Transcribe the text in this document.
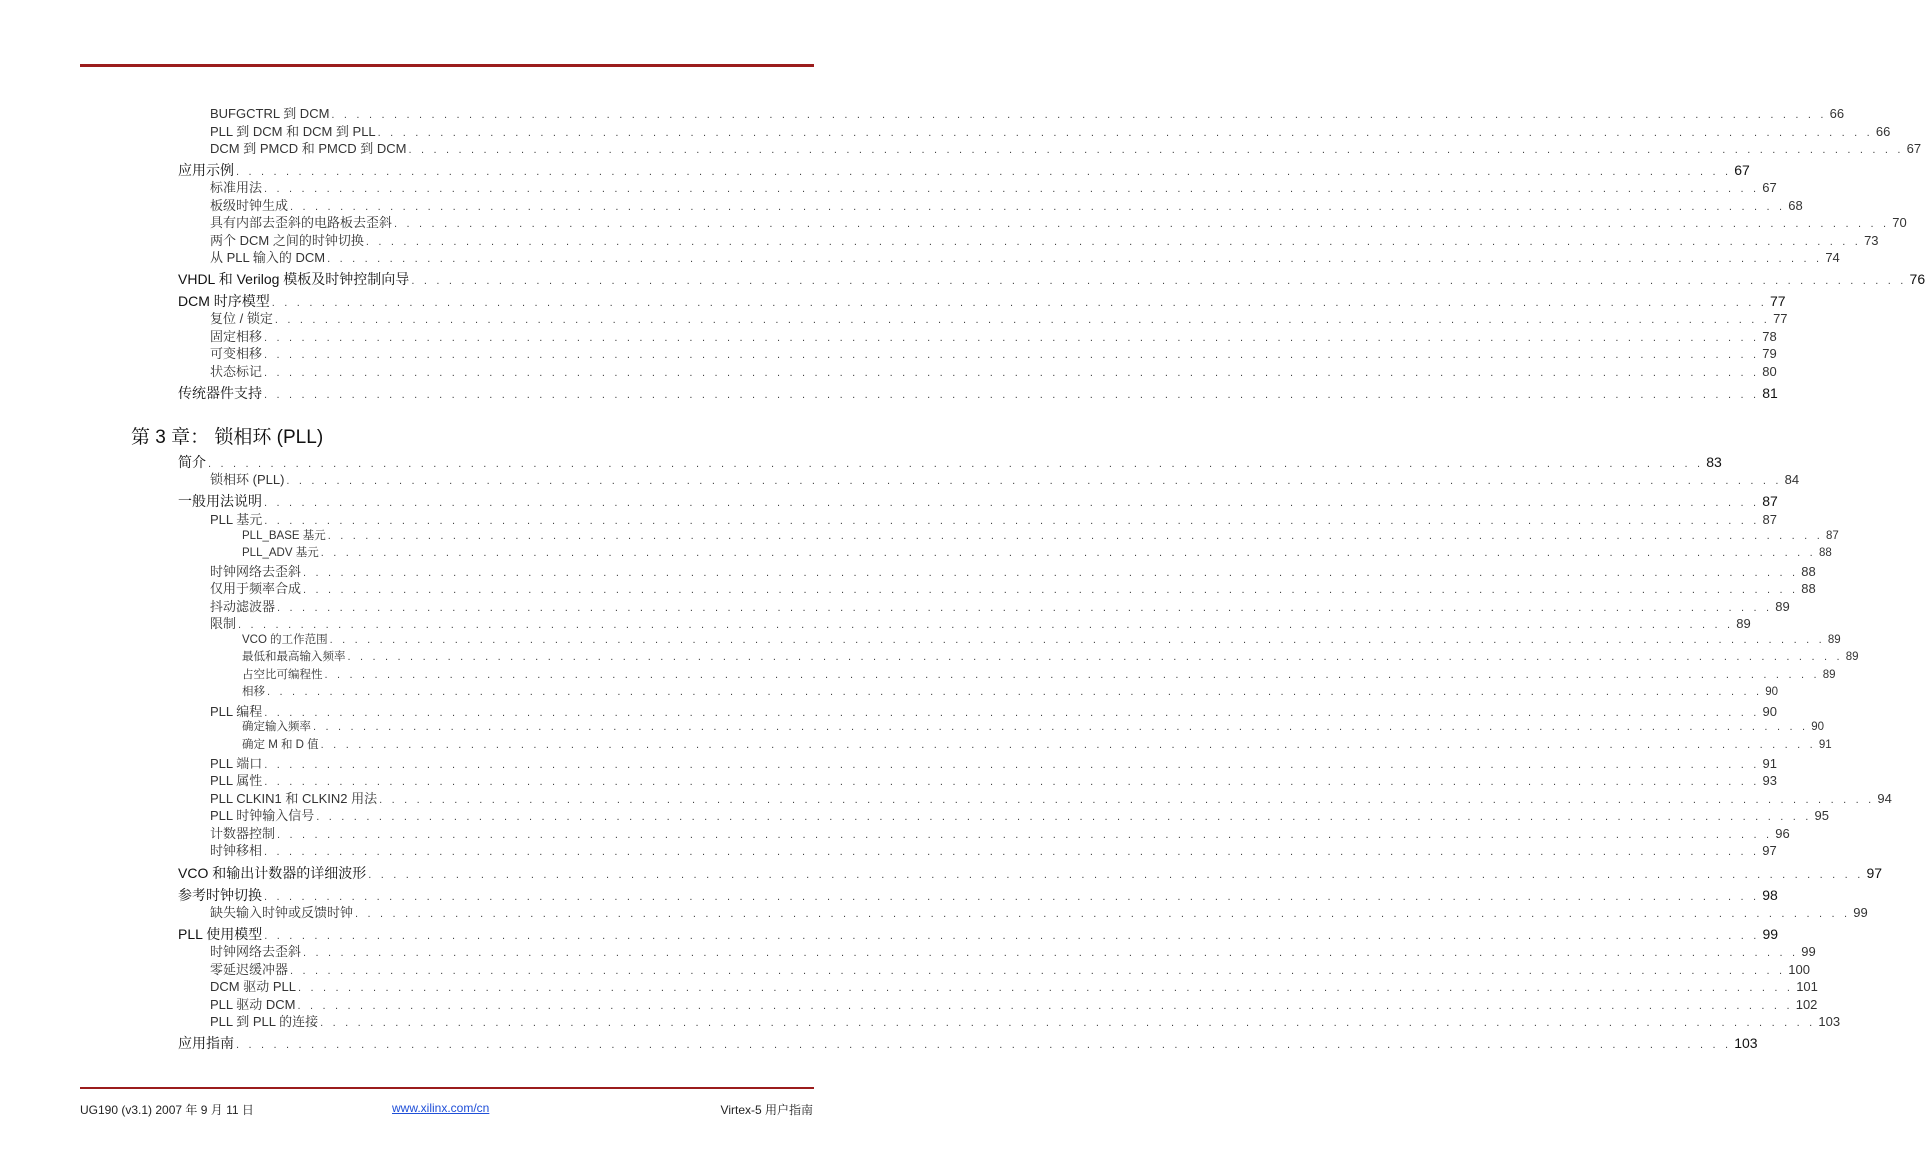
BUFGCTRL 到 DCM . . . . . . . . . . . . . . . . . . . . . . . . . . . . . . . . . . . . . . . . . . . . . . . . . . . . . . . . . . . . . . . . . . . . . . . . . . . . . . . . . . . . . . . . . . . . . . . . . . . . . . . . . . . . . . . . . . . . . . . . 66
PLL 到 DCM 和 DCM 到 PLL . . . . . . . . . . . . . . . . . . . . . . . . . . . . . . . . . . . . . . . . . . . . . . . . . . . . . . . . . . . . . . . . . . . . . . . . . . . . . . . . . . . . . . . . . . . . . . . . . . . . . . . . . . . . . . . . . . . . . . . . 66
DCM 到 PMCD 和 PMCD 到 DCM . . . . . . . . . . . . . . . . . . . . . . . . . . . . . . . . . . . . . . . . . . . . . . . . . . . . . . . . . . . . . . . . . . . . . . . . . . . . . . . . . . . . . . . . . . . . . . . . . . . . . . . . . . . . . . . . . . . . . . . . 67
应用示例 . . . . . . . . . . . . . . . . . . . . . . . . . . . . . . . . . . . . . . . . . . . . . . . . . . . . . . . . . . . . . . . . . . . . . . . . . . . . . . . . . . . . . . . . . . . . . . . . . . . . . . . . . . . . . . . . . . . . . . . . 67
标准用法 . . . . . . . . . . . . . . . . . . . . . . . . . . . . . . . . . . . . . . . . . . . . . . . . . . . . . . . . . . . . . . . . . . . . . . . . . . . . . . . . . . . . . . . . . . . . . . . . . . . . . . . . . . . . . . . . . . . . . . . . 67
板级时钟生成 . . . . . . . . . . . . . . . . . . . . . . . . . . . . . . . . . . . . . . . . . . . . . . . . . . . . . . . . . . . . . . . . . . . . . . . . . . . . . . . . . . . . . . . . . . . . . . . . . . . . . . . . . . . . . . . . . . . . . . . . 68
具有内部去歪斜的电路板去歪斜 . . . . . . . . . . . . . . . . . . . . . . . . . . . . . . . . . . . . . . . . . . . . . . . . . . . . . . . . . . . . . . . . . . . . . . . . . . . . . . . . . . . . . . . . . . . . . . . . . . . . . . . . . . . . . . . . . . . . . . . . 70
两个 DCM 之间的时钟切换 . . . . . . . . . . . . . . . . . . . . . . . . . . . . . . . . . . . . . . . . . . . . . . . . . . . . . . . . . . . . . . . . . . . . . . . . . . . . . . . . . . . . . . . . . . . . . . . . . . . . . . . . . . . . . . . . . . . . . . . . 73
从 PLL 输入的 DCM . . . . . . . . . . . . . . . . . . . . . . . . . . . . . . . . . . . . . . . . . . . . . . . . . . . . . . . . . . . . . . . . . . . . . . . . . . . . . . . . . . . . . . . . . . . . . . . . . . . . . . . . . . . . . . . . . . . . . . . . 74
VHDL 和 Verilog 模板及时钟控制向导 . . . . . . . . . . . . . . . . . . . . . . . . . . . . . . . . . . . . . . . . . . . . . . . . . . . . . . . . . . . . . . . . . . . . . . . . . . . . . . . . . . . . . . . . . . . . . . . . . . . . . . . . . . . . . . . . . . . . . . . . 76
DCM 时序模型 . . . . . . . . . . . . . . . . . . . . . . . . . . . . . . . . . . . . . . . . . . . . . . . . . . . . . . . . . . . . . . . . . . . . . . . . . . . . . . . . . . . . . . . . . . . . . . . . . . . . . . . . . . . . . . . . . . . . . . . . 77
复位 / 锁定 . . . . . . . . . . . . . . . . . . . . . . . . . . . . . . . . . . . . . . . . . . . . . . . . . . . . . . . . . . . . . . . . . . . . . . . . . . . . . . . . . . . . . . . . . . . . . . . . . . . . . . . . . . . . . . . . . . . . . . . . 77
固定相移 . . . . . . . . . . . . . . . . . . . . . . . . . . . . . . . . . . . . . . . . . . . . . . . . . . . . . . . . . . . . . . . . . . . . . . . . . . . . . . . . . . . . . . . . . . . . . . . . . . . . . . . . . . . . . . . . . . . . . . . . 78
可变相移 . . . . . . . . . . . . . . . . . . . . . . . . . . . . . . . . . . . . . . . . . . . . . . . . . . . . . . . . . . . . . . . . . . . . . . . . . . . . . . . . . . . . . . . . . . . . . . . . . . . . . . . . . . . . . . . . . . . . . . . . 79
状态标记 . . . . . . . . . . . . . . . . . . . . . . . . . . . . . . . . . . . . . . . . . . . . . . . . . . . . . . . . . . . . . . . . . . . . . . . . . . . . . . . . . . . . . . . . . . . . . . . . . . . . . . . . . . . . . . . . . . . . . . . . 80
传统器件支持 . . . . . . . . . . . . . . . . . . . . . . . . . . . . . . . . . . . . . . . . . . . . . . . . . . . . . . . . . . . . . . . . . . . . . . . . . . . . . . . . . . . . . . . . . . . . . . . . . . . . . . . . . . . . . . . . . . . . . . . . 81
简介 . . . . . . . . . . . . . . . . . . . . . . . . . . . . . . . . . . . . . . . . . . . . . . . . . . . . . . . . . . . . . . . . . . . . . . . . . . . . . . . . . . . . . . . . . . . . . . . . . . . . . . . . . . . . . . . . . . . . . . . . 83
锁相环 (PLL) . . . . . . . . . . . . . . . . . . . . . . . . . . . . . . . . . . . . . . . . . . . . . . . . . . . . . . . . . . . . . . . . . . . . . . . . . . . . . . . . . . . . . . . . . . . . . . . . . . . . . . . . . . . . . . . . . . . . . . . . 84
一般用法说明 . . . . . . . . . . . . . . . . . . . . . . . . . . . . . . . . . . . . . . . . . . . . . . . . . . . . . . . . . . . . . . . . . . . . . . . . . . . . . . . . . . . . . . . . . . . . . . . . . . . . . . . . . . . . . . . . . . . . . . . . 87
PLL 基元 . . . . . . . . . . . . . . . . . . . . . . . . . . . . . . . . . . . . . . . . . . . . . . . . . . . . . . . . . . . . . . . . . . . . . . . . . . . . . . . . . . . . . . . . . . . . . . . . . . . . . . . . . . . . . . . . . . . . . . . . 87
PLL_BASE 基元 . . . . . . . . . . . . . . . . . . . . . . . . . . . . . . . . . . . . . . . . . . . . . . . . . . . . . . . . . . . . . . . . . . . . . . . . . . . . . . . . . . . . . . . . . . . . . . . . . . . . . . . . . . . . . . . . . . . . . . . . 87
PLL_ADV 基元 . . . . . . . . . . . . . . . . . . . . . . . . . . . . . . . . . . . . . . . . . . . . . . . . . . . . . . . . . . . . . . . . . . . . . . . . . . . . . . . . . . . . . . . . . . . . . . . . . . . . . . . . . . . . . . . . . . . . . . . . 88
时钟网络去歪斜 . . . . . . . . . . . . . . . . . . . . . . . . . . . . . . . . . . . . . . . . . . . . . . . . . . . . . . . . . . . . . . . . . . . . . . . . . . . . . . . . . . . . . . . . . . . . . . . . . . . . . . . . . . . . . . . . . . . . . . . . 88
仅用于频率合成 . . . . . . . . . . . . . . . . . . . . . . . . . . . . . . . . . . . . . . . . . . . . . . . . . . . . . . . . . . . . . . . . . . . . . . . . . . . . . . . . . . . . . . . . . . . . . . . . . . . . . . . . . . . . . . . . . . . . . . . . 88
抖动滤波器 . . . . . . . . . . . . . . . . . . . . . . . . . . . . . . . . . . . . . . . . . . . . . . . . . . . . . . . . . . . . . . . . . . . . . . . . . . . . . . . . . . . . . . . . . . . . . . . . . . . . . . . . . . . . . . . . . . . . . . . . 89
限制 . . . . . . . . . . . . . . . . . . . . . . . . . . . . . . . . . . . . . . . . . . . . . . . . . . . . . . . . . . . . . . . . . . . . . . . . . . . . . . . . . . . . . . . . . . . . . . . . . . . . . . . . . . . . . . . . . . . . . . . . 89
VCO 的工作范围 . . . . . . . . . . . . . . . . . . . . . . . . . . . . . . . . . . . . . . . . . . . . . . . . . . . . . . . . . . . . . . . . . . . . . . . . . . . . . . . . . . . . . . . . . . . . . . . . . . . . . . . . . . . . . . . . . . . . . . . . 89
最低和最高输入频率 . . . . . . . . . . . . . . . . . . . . . . . . . . . . . . . . . . . . . . . . . . . . . . . . . . . . . . . . . . . . . . . . . . . . . . . . . . . . . . . . . . . . . . . . . . . . . . . . . . . . . . . . . . . . . . . . . . . . . . . . 89
占空比可编程性 . . . . . . . . . . . . . . . . . . . . . . . . . . . . . . . . . . . . . . . . . . . . . . . . . . . . . . . . . . . . . . . . . . . . . . . . . . . . . . . . . . . . . . . . . . . . . . . . . . . . . . . . . . . . . . . . . . . . . . . . 89
相移 . . . . . . . . . . . . . . . . . . . . . . . . . . . . . . . . . . . . . . . . . . . . . . . . . . . . . . . . . . . . . . . . . . . . . . . . . . . . . . . . . . . . . . . . . . . . . . . . . . . . . . . . . . . . . . . . . . . . . . . . 90
PLL 编程 . . . . . . . . . . . . . . . . . . . . . . . . . . . . . . . . . . . . . . . . . . . . . . . . . . . . . . . . . . . . . . . . . . . . . . . . . . . . . . . . . . . . . . . . . . . . . . . . . . . . . . . . . . . . . . . . . . . . . . . . 90
确定输入频率 . . . . . . . . . . . . . . . . . . . . . . . . . . . . . . . . . . . . . . . . . . . . . . . . . . . . . . . . . . . . . . . . . . . . . . . . . . . . . . . . . . . . . . . . . . . . . . . . . . . . . . . . . . . . . . . . . . . . . . . . 90
确定 M 和 D 值 . . . . . . . . . . . . . . . . . . . . . . . . . . . . . . . . . . . . . . . . . . . . . . . . . . . . . . . . . . . . . . . . . . . . . . . . . . . . . . . . . . . . . . . . . . . . . . . . . . . . . . . . . . . . . . . . . . . . . . . . 91
PLL 端口 . . . . . . . . . . . . . . . . . . . . . . . . . . . . . . . . . . . . . . . . . . . . . . . . . . . . . . . . . . . . . . . . . . . . . . . . . . . . . . . . . . . . . . . . . . . . . . . . . . . . . . . . . . . . . . . . . . . . . . . . 91
PLL 属性 . . . . . . . . . . . . . . . . . . . . . . . . . . . . . . . . . . . . . . . . . . . . . . . . . . . . . . . . . . . . . . . . . . . . . . . . . . . . . . . . . . . . . . . . . . . . . . . . . . . . . . . . . . . . . . . . . . . . . . . . 93
PLL CLKIN1 和 CLKIN2 用法 . . . . . . . . . . . . . . . . . . . . . . . . . . . . . . . . . . . . . . . . . . . . . . . . . . . . . . . . . . . . . . . . . . . . . . . . . . . . . . . . . . . . . . . . . . . . . . . . . . . . . . . . . . . . . . . . . . . . . . . . 94
PLL 时钟输入信号 . . . . . . . . . . . . . . . . . . . . . . . . . . . . . . . . . . . . . . . . . . . . . . . . . . . . . . . . . . . . . . . . . . . . . . . . . . . . . . . . . . . . . . . . . . . . . . . . . . . . . . . . . . . . . . . . . . . . . . . . 95
计数器控制 . . . . . . . . . . . . . . . . . . . . . . . . . . . . . . . . . . . . . . . . . . . . . . . . . . . . . . . . . . . . . . . . . . . . . . . . . . . . . . . . . . . . . . . . . . . . . . . . . . . . . . . . . . . . . . . . . . . . . . . . 96
时钟移相 . . . . . . . . . . . . . . . . . . . . . . . . . . . . . . . . . . . . . . . . . . . . . . . . . . . . . . . . . . . . . . . . . . . . . . . . . . . . . . . . . . . . . . . . . . . . . . . . . . . . . . . . . . . . . . . . . . . . . . . . 97
VCO 和输出计数器的详细波形 . . . . . . . . . . . . . . . . . . . . . . . . . . . . . . . . . . . . . . . . . . . . . . . . . . . . . . . . . . . . . . . . . . . . . . . . . . . . . . . . . . . . . . . . . . . . . . . . . . . . . . . . . . . . . . . . . . . . . . . . 97
参考时钟切换 . . . . . . . . . . . . . . . . . . . . . . . . . . . . . . . . . . . . . . . . . . . . . . . . . . . . . . . . . . . . . . . . . . . . . . . . . . . . . . . . . . . . . . . . . . . . . . . . . . . . . . . . . . . . . . . . . . . . . . . . 98
缺失输入时钟或反馈时钟 . . . . . . . . . . . . . . . . . . . . . . . . . . . . . . . . . . . . . . . . . . . . . . . . . . . . . . . . . . . . . . . . . . . . . . . . . . . . . . . . . . . . . . . . . . . . . . . . . . . . . . . . . . . . . . . . . . . . . . . . 99
PLL 使用模型 . . . . . . . . . . . . . . . . . . . . . . . . . . . . . . . . . . . . . . . . . . . . . . . . . . . . . . . . . . . . . . . . . . . . . . . . . . . . . . . . . . . . . . . . . . . . . . . . . . . . . . . . . . . . . . . . . . . . . . . . 99
时钟网络去歪斜 . . . . . . . . . . . . . . . . . . . . . . . . . . . . . . . . . . . . . . . . . . . . . . . . . . . . . . . . . . . . . . . . . . . . . . . . . . . . . . . . . . . . . . . . . . . . . . . . . . . . . . . . . . . . . . . . . . . . . . . . 99
零延迟缓冲器 . . . . . . . . . . . . . . . . . . . . . . . . . . . . . . . . . . . . . . . . . . . . . . . . . . . . . . . . . . . . . . . . . . . . . . . . . . . . . . . . . . . . . . . . . . . . . . . . . . . . . . . . . . . . . . . . . . . . . . . . 100
DCM 驱动 PLL . . . . . . . . . . . . . . . . . . . . . . . . . . . . . . . . . . . . . . . . . . . . . . . . . . . . . . . . . . . . . . . . . . . . . . . . . . . . . . . . . . . . . . . . . . . . . . . . . . . . . . . . . . . . . . . . . . . . . . . . 101
PLL 驱动 DCM . . . . . . . . . . . . . . . . . . . . . . . . . . . . . . . . . . . . . . . . . . . . . . . . . . . . . . . . . . . . . . . . . . . . . . . . . . . . . . . . . . . . . . . . . . . . . . . . . . . . . . . . . . . . . . . . . . . . . . . . 102
PLL 到 PLL 的连接 . . . . . . . . . . . . . . . . . . . . . . . . . . . . . . . . . . . . . . . . . . . . . . . . . . . . . . . . . . . . . . . . . . . . . . . . . . . . . . . . . . . . . . . . . . . . . . . . . . . . . . . . . . . . . . . . . . . . . . . . 103
应用指南 . . . . . . . . . . . . . . . . . . . . . . . . . . . . . . . . . . . . . . . . . . . . . . . . . . . . . . . . . . . . . . . . . . . . . . . . . . . . . . . . . . . . . . . . . . . . . . . . . . . . . . . . . . . . . . . . . . . . . . . . 103
第 3 章： 锁相环 (PLL)
UG190 (v3.1) 2007 年 9 月 11 日	www.xilinx.com/cn	Virtex-5 用户指南
